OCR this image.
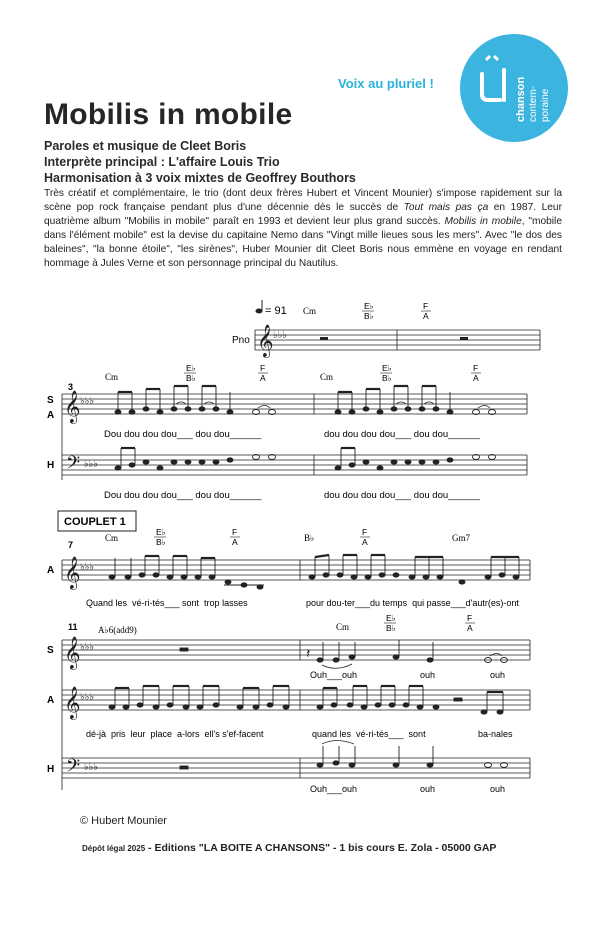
Voix au pluriel !	chanson contem- poraine
Mobilis in mobile
Paroles et musique de Cleet Boris
Interprète principal : L'affaire Louis Trio
Harmonisation à 3 voix mixtes de Geoffrey Bouthors
Très créatif et complémentaire, le trio (dont deux frères Hubert et Vincent Mounier) s'impose rapidement sur la scène pop rock française pendant plus d'une décennie dès le succès de Tout mais pas ça en 1987. Leur quatrième album "Mobilis in mobile" paraît en 1993 et devient leur plus grand succès. Mobilis in mobile, "mobile dans l'élément mobile" est la devise du capitaine Nemo dans "Vingt mille lieues sous les mers". Avec "le dos des baleines", "la bonne étoile", "les sirènes", Huber Mounier dit Cleet Boris nous emmène en voyage en rendant hommage à Jules Verne et son personnage principal du Nautilus.
= 91 Cm	E♭
B♭
F
A
Pno 𝄞 ♭♭♭
3
Cm
E♭
B♭
F
A	Cm
E♭
B♭
F
A
S
A 𝄞 ♭♭♭
Dou dou dou dou___ dou dou______	dou dou dou dou___ dou dou______
H 𝄢 ♭♭♭
Dou dou dou dou___ dou dou______	dou dou dou dou___ dou dou______
COUPLET 1
7
Cm
E♭
B♭
F
A	B♭
F
A	Gm7
A 𝄞 ♭♭♭
Quand les  vé-ri-tés___ sont  trop lasses	pour dou-ter___du temps  qui passe___d'autr(es)-ont
11 A♭6(add9)	Cm
E♭
B♭
F
A
S 𝄞 ♭♭♭	𝄽
Ouh___ouh	ouh	ouh
A 𝄞 ♭♭♭
dé-jà  pris  leur  place  a-lors  ell's s'ef-facent	quand les  vé-ri-tés___  sont	ba-nales
H 𝄢 ♭♭♭
Ouh___ouh	ouh	ouh
© Hubert Mounier
Dépôt légal 2025 - Editions "LA BOITE A CHANSONS" - 1 bis cours E. Zola - 05000 GAP
